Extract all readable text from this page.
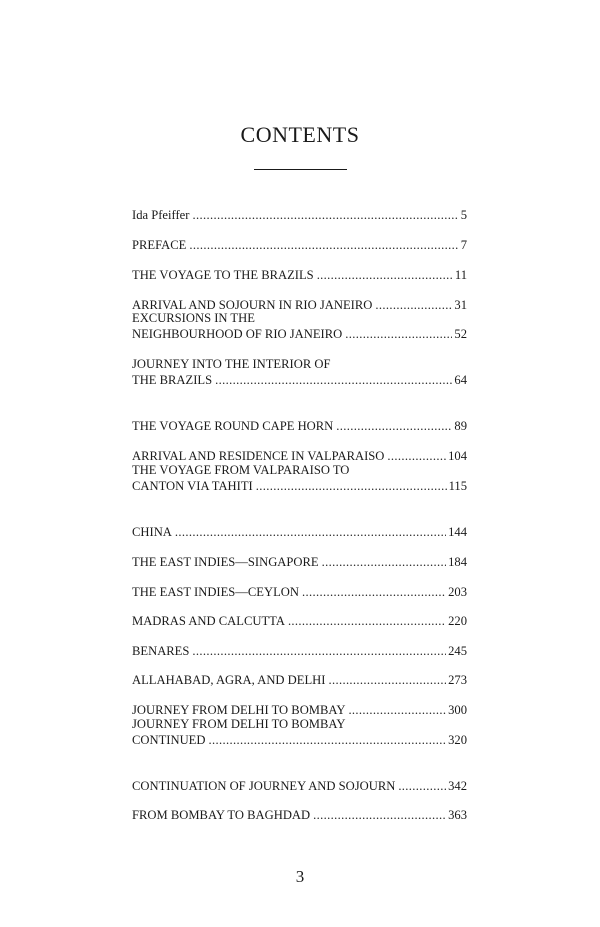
CONTENTS
Ida Pfeiffer . . .	5
PREFACE . . .	7
THE VOYAGE TO THE BRAZILS . . .	11
ARRIVAL AND SOJOURN IN RIO JANEIRO . . .	31
EXCURSIONS IN THE
NEIGHBOURHOOD OF RIO JANEIRO . . .	52
JOURNEY INTO THE INTERIOR OF
THE BRAZILS . . .	64
THE VOYAGE ROUND CAPE HORN . . .	89
ARRIVAL AND RESIDENCE IN VALPARAISO . . .	104
THE VOYAGE FROM VALPARAISO TO
CANTON VIA TAHITI . . .	115
CHINA . . .	144
THE EAST INDIES—SINGAPORE . . .	184
THE EAST INDIES—CEYLON . . .	203
MADRAS AND CALCUTTA . . .	220
BENARES . . .	245
ALLAHABAD, AGRA, AND DELHI . . .	273
JOURNEY FROM DELHI TO BOMBAY . . .	300
JOURNEY FROM DELHI TO BOMBAY
CONTINUED . . .	320
CONTINUATION OF JOURNEY AND SOJOURN . . .	342
FROM BOMBAY TO BAGHDAD . . .	363
3
